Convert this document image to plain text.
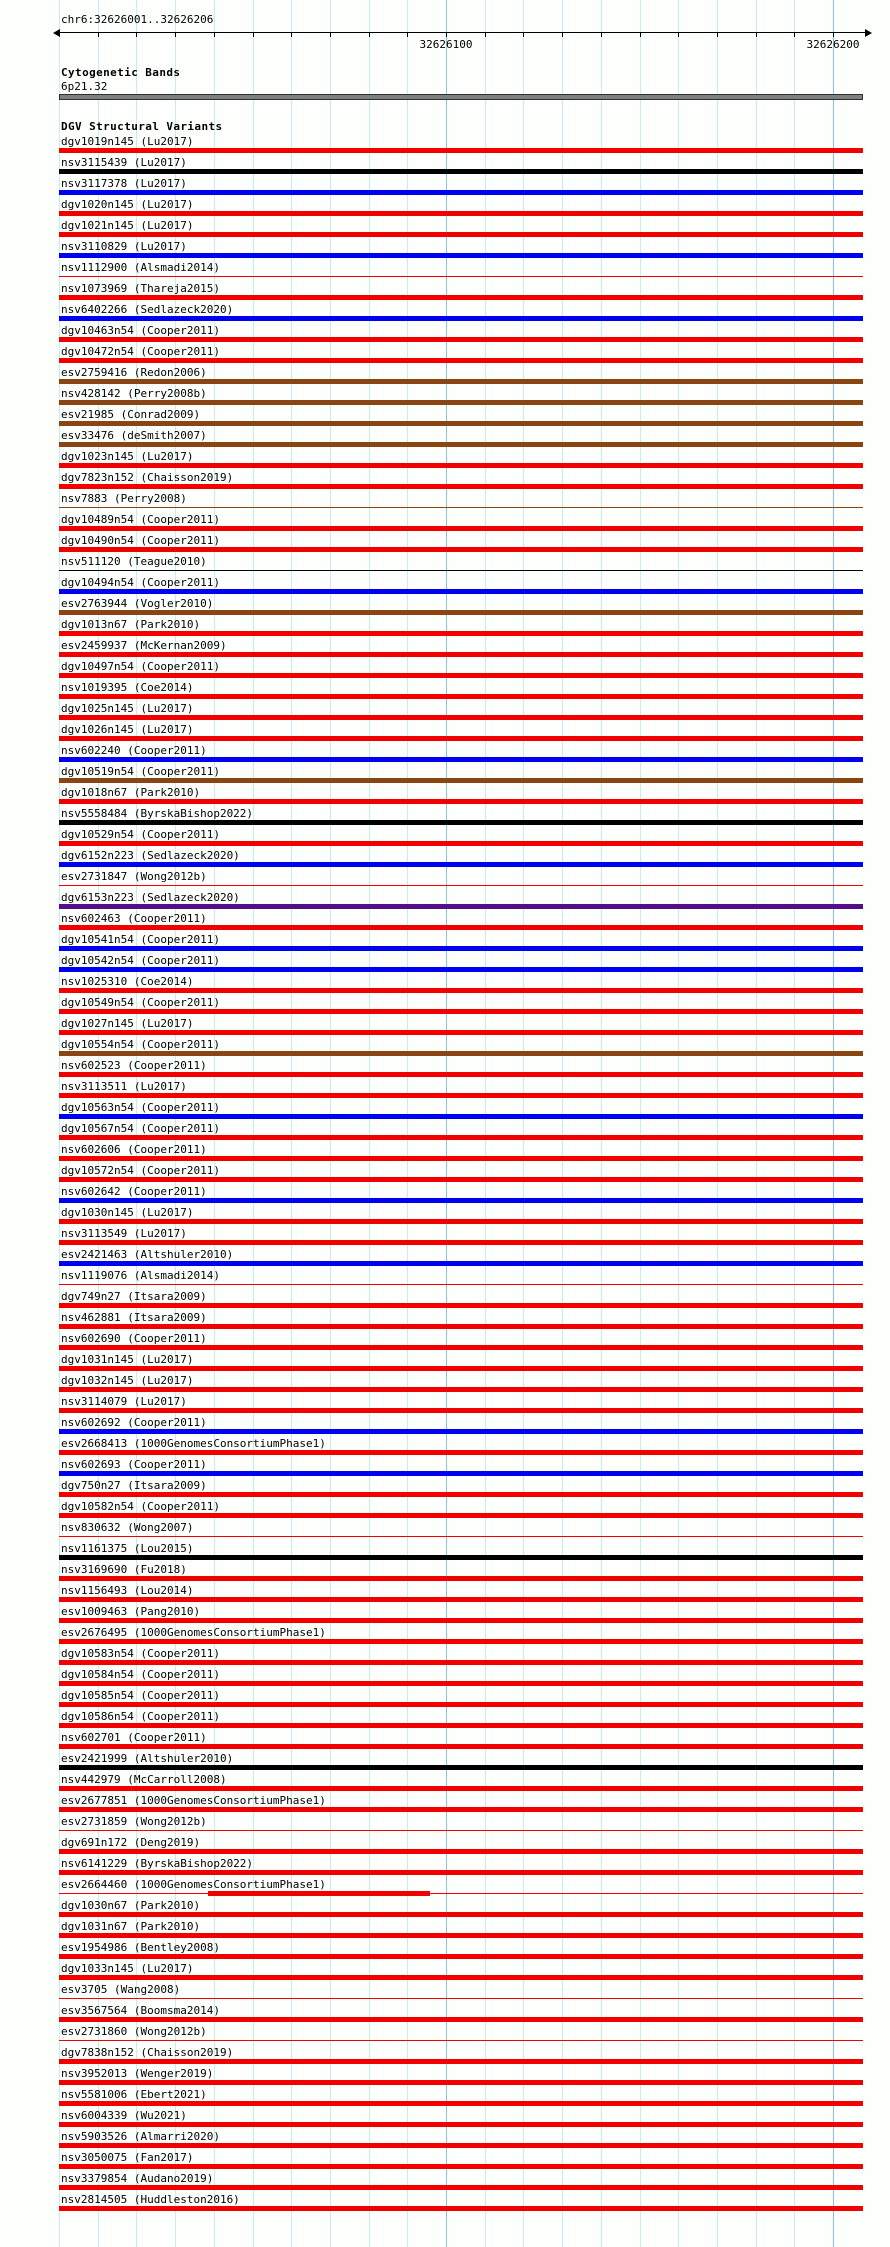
chr6:32626001..32626206
32626100	32626200
Cytogenetic Bands
6p21.32
DGV Structural Variants
dgv1019n145 (Lu2017)
nsv3115439 (Lu2017)
nsv3117378 (Lu2017)
dgv1020n145 (Lu2017)
dgv1021n145 (Lu2017)
nsv3110829 (Lu2017)
nsv1112900 (Alsmadi2014)
nsv1073969 (Thareja2015)
nsv6402266 (Sedlazeck2020)
dgv10463n54 (Cooper2011)
dgv10472n54 (Cooper2011)
esv2759416 (Redon2006)
nsv428142 (Perry2008b)
esv21985 (Conrad2009)
esv33476 (deSmith2007)
dgv1023n145 (Lu2017)
dgv7823n152 (Chaisson2019)
nsv7883 (Perry2008)
dgv10489n54 (Cooper2011)
dgv10490n54 (Cooper2011)
nsv511120 (Teague2010)
dgv10494n54 (Cooper2011)
esv2763944 (Vogler2010)
dgv1013n67 (Park2010)
esv2459937 (McKernan2009)
dgv10497n54 (Cooper2011)
nsv1019395 (Coe2014)
dgv1025n145 (Lu2017)
dgv1026n145 (Lu2017)
nsv602240 (Cooper2011)
dgv10519n54 (Cooper2011)
dgv1018n67 (Park2010)
nsv5558484 (ByrskaBishop2022)
dgv10529n54 (Cooper2011)
dgv6152n223 (Sedlazeck2020)
esv2731847 (Wong2012b)
dgv6153n223 (Sedlazeck2020)
nsv602463 (Cooper2011)
dgv10541n54 (Cooper2011)
dgv10542n54 (Cooper2011)
nsv1025310 (Coe2014)
dgv10549n54 (Cooper2011)
dgv1027n145 (Lu2017)
dgv10554n54 (Cooper2011)
nsv602523 (Cooper2011)
nsv3113511 (Lu2017)
dgv10563n54 (Cooper2011)
dgv10567n54 (Cooper2011)
nsv602606 (Cooper2011)
dgv10572n54 (Cooper2011)
nsv602642 (Cooper2011)
dgv1030n145 (Lu2017)
nsv3113549 (Lu2017)
esv2421463 (Altshuler2010)
nsv1119076 (Alsmadi2014)
dgv749n27 (Itsara2009)
nsv462881 (Itsara2009)
nsv602690 (Cooper2011)
dgv1031n145 (Lu2017)
dgv1032n145 (Lu2017)
nsv3114079 (Lu2017)
nsv602692 (Cooper2011)
esv2668413 (1000GenomesConsortiumPhase1)
nsv602693 (Cooper2011)
dgv750n27 (Itsara2009)
dgv10582n54 (Cooper2011)
nsv830632 (Wong2007)
nsv1161375 (Lou2015)
nsv3169690 (Fu2018)
nsv1156493 (Lou2014)
esv1009463 (Pang2010)
esv2676495 (1000GenomesConsortiumPhase1)
dgv10583n54 (Cooper2011)
dgv10584n54 (Cooper2011)
dgv10585n54 (Cooper2011)
dgv10586n54 (Cooper2011)
nsv602701 (Cooper2011)
esv2421999 (Altshuler2010)
nsv442979 (McCarroll2008)
esv2677851 (1000GenomesConsortiumPhase1)
esv2731859 (Wong2012b)
dgv691n172 (Deng2019)
nsv6141229 (ByrskaBishop2022)
esv2664460 (1000GenomesConsortiumPhase1)
dgv1030n67 (Park2010)
dgv1031n67 (Park2010)
esv1954986 (Bentley2008)
dgv1033n145 (Lu2017)
esv3705 (Wang2008)
esv3567564 (Boomsma2014)
esv2731860 (Wong2012b)
dgv7838n152 (Chaisson2019)
nsv3952013 (Wenger2019)
nsv5581006 (Ebert2021)
nsv6004339 (Wu2021)
nsv5903526 (Almarri2020)
nsv3050075 (Fan2017)
nsv3379854 (Audano2019)
nsv2814505 (Huddleston2016)
